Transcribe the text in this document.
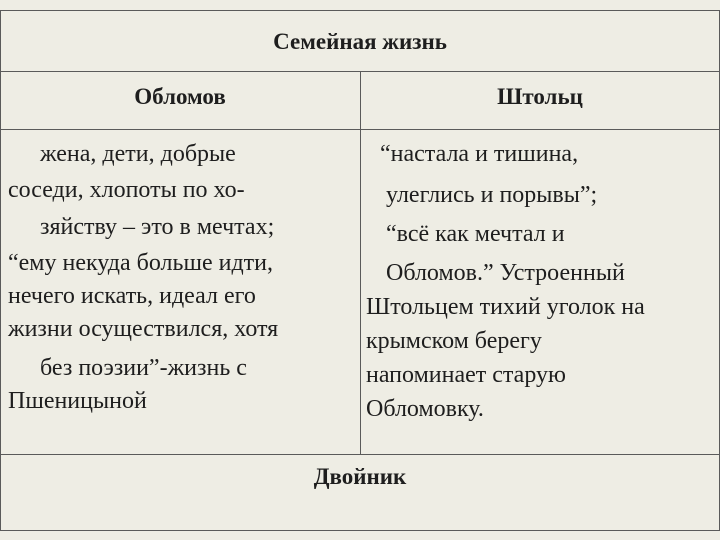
Семейная жизнь
Обломов	Штольц
жена, дети, добрые
соседи, хлопоты по хо-
зяйству – это в мечтах;
“ему некуда больше идти,
нечего искать, идеал его
жизни осуществился, хотя
без поэзии”-жизнь с
Пшеницыной
“настала и тишина,
улеглись и порывы”;
“всё как мечтал и
Обломов.” Устроенный
Штольцем тихий уголок на
крымском берегу
напоминает старую
Обломовку.
Двойник
